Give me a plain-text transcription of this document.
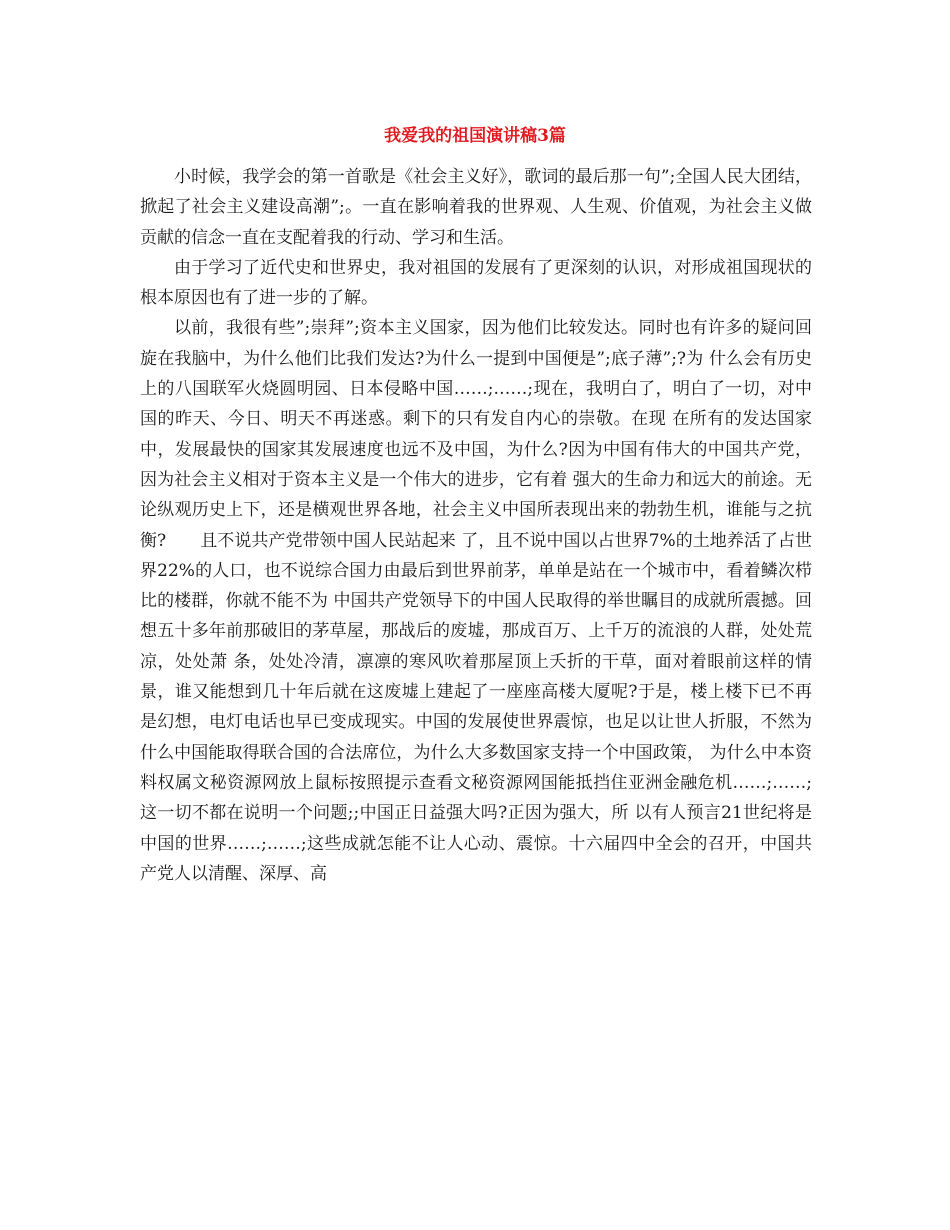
我爱我的祖国演讲稿3篇

小时候，我学会的第一首歌是《社会主义好》，歌词的最后那一句”;全国人民大团结，掀起了社会主义建设高潮”;。一直在影响着我的世界观、人生观、价值观，为社会主义做贡献的信念一直在支配着我的行动、学习和生活。

由于学习了近代史和世界史，我对祖国的发展有了更深刻的认识，对形成祖国现状的根本原因也有了进一步的了解。

以前，我很有些”;崇拜”;资本主义国家，因为他们比较发达。同时也有许多的疑问回旋在我脑中，为什么他们比我们发达?为什么一提到中国便是”;底子薄”;?为 什么会有历史上的八国联军火烧圆明园、日本侵略中国……;……;现在，我明白了，明白了一切，对中国的昨天、今日、明天不再迷惑。剩下的只有发自内心的崇敬。在现 在所有的发达国家中，发展最快的国家其发展速度也远不及中国，为什么?因为中国有伟大的中国共产党，因为社会主义相对于资本主义是一个伟大的进步，它有着 强大的生命力和远大的前途。无论纵观历史上下，还是横观世界各地，社会主义中国所表现出来的勃勃生机，谁能与之抗衡?　　且不说共产党带领中国人民站起来 了，且不说中国以占世界7%的土地养活了占世界22%的人口，也不说综合国力由最后到世界前茅，单单是站在一个城市中，看着鳞次栉比的楼群，你就不能不为 中国共产党领导下的中国人民取得的举世瞩目的成就所震撼。回想五十多年前那破旧的茅草屋，那战后的废墟，那成百万、上千万的流浪的人群，处处荒凉，处处萧 条，处处冷清，凛凛的寒风吹着那屋顶上夭折的干草，面对着眼前这样的情景，谁又能想到几十年后就在这废墟上建起了一座座高楼大厦呢?于是，楼上楼下已不再 是幻想，电灯电话也早已变成现实。中国的发展使世界震惊，也足以让世人折服，不然为什么中国能取得联合国的合法席位，为什么大多数国家支持一个中国政策， 为什么中本资料权属文秘资源网放上鼠标按照提示查看文秘资源网国能抵挡住亚洲金融危机……;……;这一切不都在说明一个问题;;中国正日益强大吗?正因为强大，所 以有人预言21世纪将是中国的世界……;……;这些成就怎能不让人心动、震惊。十六届四中全会的召开，中国共产党人以清醒、深厚、高
